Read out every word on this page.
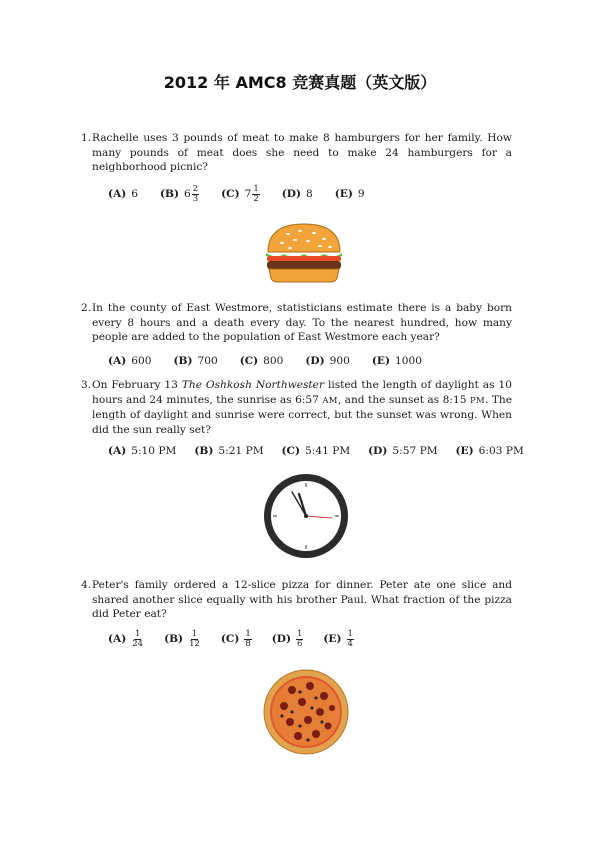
2012 年 AMC8 竞赛真题（英文版）
1. Rachelle uses 3 pounds of meat to make 8 hamburgers for her family. How many pounds of meat does she need to make 24 hamburgers for a neighborhood picnic?
(A) 6 (B) $6 \frac{2}{3} (C)$ $7 \frac{1}{2} (D)$ 8 (E) 9
2. In the county of East Westmore, statisticians estimate there is a baby born every 8 hours and a death every day. To the nearest hundred, how many people are added to the population of East Westmore each year?
(A) 600 (B) 700 (C) 800 (D) 900 (E) 1000
3. On February 13 The Oshkosh Northwester listed the length of daylight as 10 hours and 24 minutes, the sunrise as 6:57 AM, and the sunset as 8:15 PM. The length of daylight and sunrise were correct, but the sunset was wrong. When did the sun really set?
(A) 5:10
PM (B) 5:21
PM (C) 5:41
PM (D) 5:57
PM (E) 6:03
PM
4. Peter's family ordered a 12-slice pizza for dinner. Peter ate one slice and shared another slice equally with his brother Paul. What fraction of the pizza did Peter eat?
$(A) \frac{1}{24} (B) \frac{1}{12} (C) \frac{1}{8} (D) \frac{1}{6} (E) \frac{1}{4}$
